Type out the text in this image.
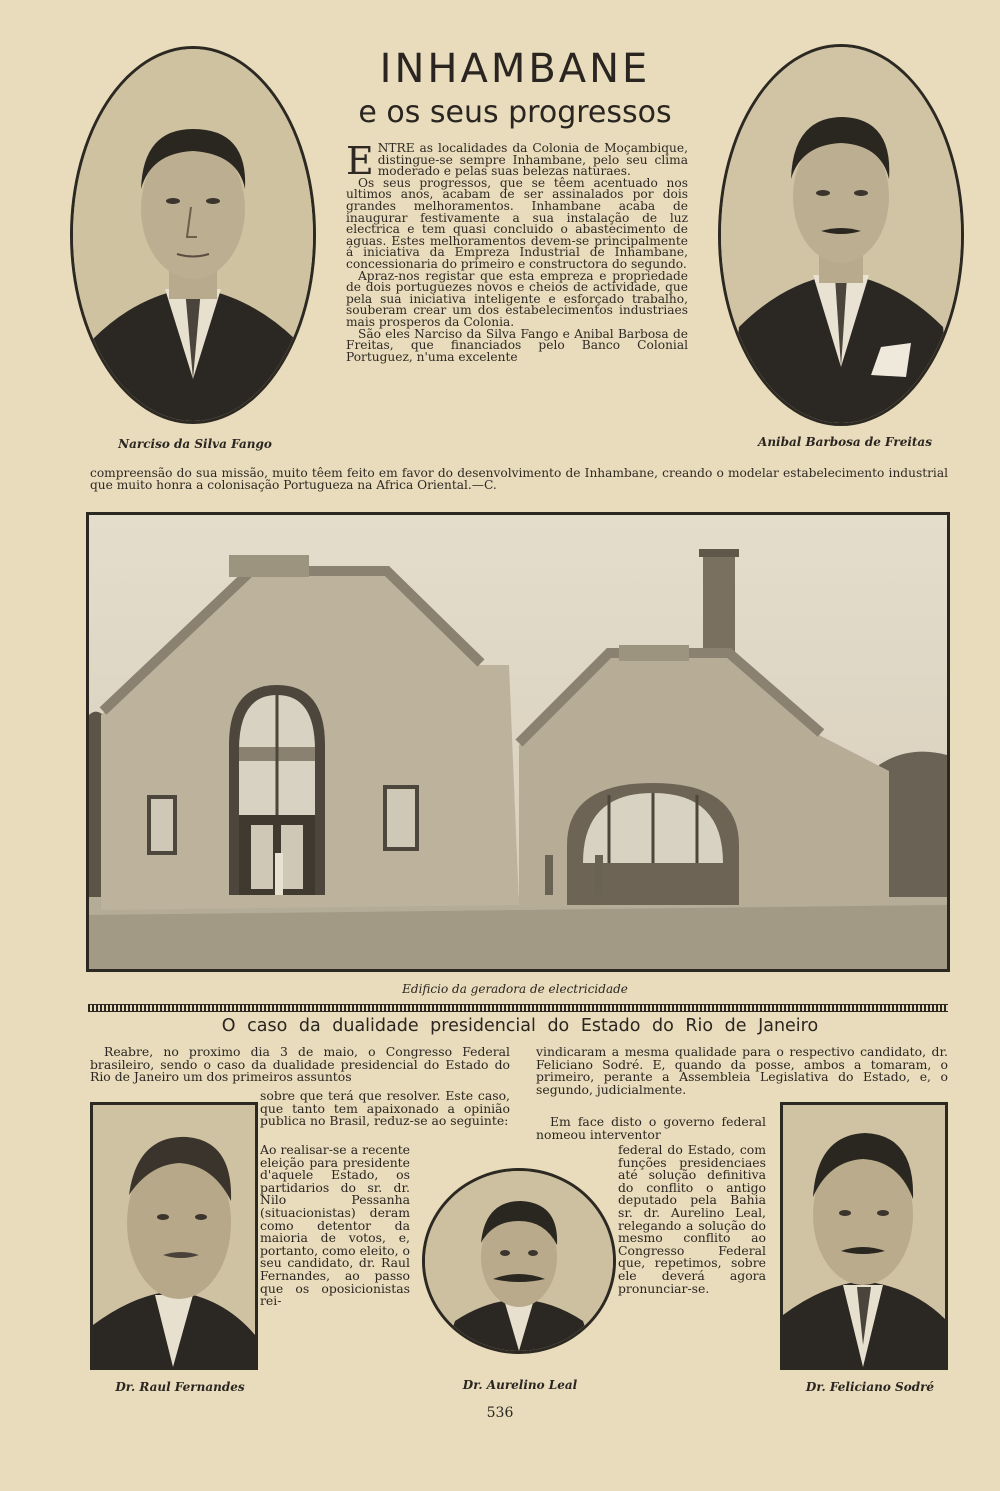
INHAMBANE
e os seus progressos
Narciso da Silva Fango	Anibal Barbosa de Freitas
E NTRE as localidades da Colonia de Moçambique, distingue-se sempre Inhambane, pelo seu clima moderado e pelas suas belezas naturaes.

Os seus progressos, que se têem acentuado nos ultimos anos, acabam de ser assinalados por dois grandes melhoramentos. Inhambane acaba de inaugurar festivamente a sua instalação de luz electrica e tem quasi concluido o abastecimento de aguas. Estes melhoramentos devem-se principalmente á iniciativa da Empreza Industrial de Inhambane, concessionaria do primeiro e constructora do segundo.

Apraz-nos registar que esta empreza e propriedade de dois portuguezes novos e cheios de actividade, que pela sua iniciativa inteligente e esforçado trabalho, souberam crear um dos estabelecimentos industriaes mais prosperos da Colonia.

São eles Narciso da Silva Fango e Anibal Barbosa de Freitas, que financiados pelo Banco Colonial Portuguez, n'uma excelente

compreensão do sua missão, muito têem feito em favor do desenvolvimento de Inhambane, creando o modelar estabelecimento industrial que muito honra a colonisação Portugueza na Africa Oriental.—C.
Edificio da geradora de electricidade
O caso da dualidade presidencial do Estado do Rio de Janeiro
Reabre, no proximo dia 3 de maio, o Congresso Federal brasileiro, sendo o caso da dualidade presidencial do Estado do Rio de Janeiro um dos primeiros assuntos
sobre que terá que resolver. Este caso, que tanto tem apaixonado a opinião publica no Brasil, reduz-se ao seguinte:
Ao realisar-se a recente eleição para presidente d'aquele Estado, os partidarios do sr. dr. Nilo Pessanha (situacionistas) deram como detentor da maioria de votos, e, portanto, como eleito, o seu candidato, dr. Raul Fernandes, ao passo que os oposicionistas rei-
vindicaram a mesma qualidade para o respectivo candidato, dr. Feliciano Sodré. E, quando da posse, ambos a tomaram, o primeiro, perante a Assembleia Legislativa do Estado, e, o segundo, judicialmente.
Em face disto o governo federal nomeou interventor
federal do Estado, com funções presidenciaes até solução definitiva do conflito o antigo deputado pela Bahia sr. dr. Aurelino Leal, relegando a solução do mesmo conflito ao Congresso Federal que, repetimos, sobre ele deverá agora pronunciar-se.
Dr. Raul Fernandes	Dr. Aurelino Leal	Dr. Feliciano Sodré
536
